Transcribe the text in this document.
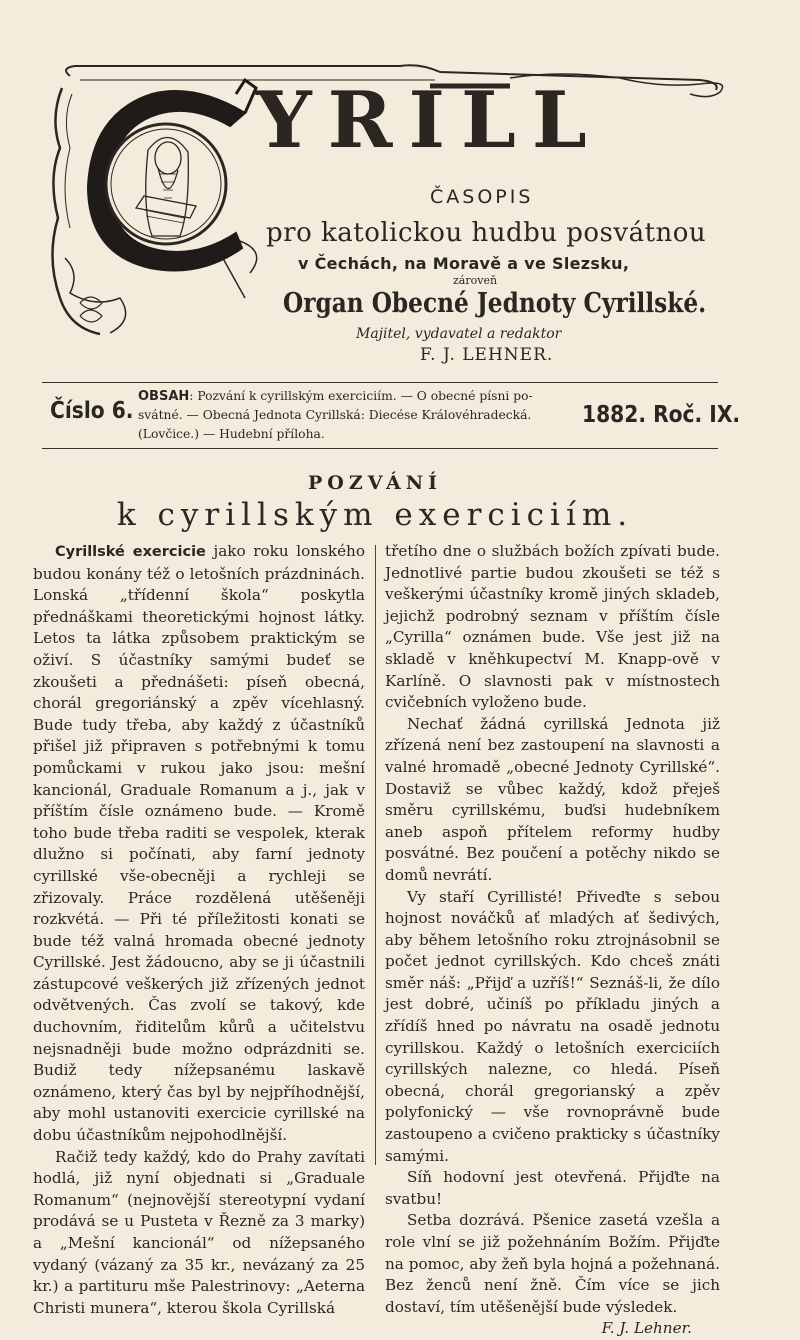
YRILL
ČASOPIS
pro katolickou hudbu posvátnou
v Čechách, na Moravě a ve Slezsku,
zároveň
Organ Obecné Jednoty Cyrillské.
Majitel, vydavatel a redaktor
F. J. LEHNER.
Číslo 6.
OBSAH: Pozvání k cyrillským exerciciím. — O obecné písni po-svátné. — Obecná Jednota Cyrillská: Diecése Královéhradecká. (Lovčice.) — Hudební příloha.
1882. Roč. IX.
POZVÁNÍ
k cyrillským exerciciím.

Cyrillské exercicie jako roku lonského budou konány též o letošních prázdninách. Lonská „třídenní škola“ poskytla přednáškami theoretickými hojnost látky. Letos ta látka způsobem praktickým se oživí. S účastníky samými budeť se zkoušeti a přednášeti: píseň obecná, chorál gregoriánský a zpěv vícehlasný. Bude tudy třeba, aby každý z účastníků přišel již připraven s potřebnými k tomu pomůckami v rukou jako jsou: mešní kancionál, Graduale Romanum a j., jak v příštím čísle oznámeno bude. — Kromě toho bude třeba raditi se vespolek, kterak dlužno si počínati, aby farní jednoty cyrillské vše-obecněji a rychleji se zřizovaly. Práce rozdělená utěšeněji rozkvétá. — Při té příležitosti konati se bude též valná hromada obecné jednoty Cyrillské. Jest žádoucno, aby se ji účastnili zástupcové veškerých již zřízených jednot odvětvených. Čas zvolí se takový, kde duchovním, řiditelům kůrů a učitelstvu nejsnadněji bude možno odprázdniti se. Budiž tedy nížepsanému laskavě oznámeno, který čas byl by nejpříhodnější, aby mohl ustanoviti exercicie cyrillské na dobu účastníkům nejpohodlnější.

Račiž tedy každý, kdo do Prahy zavítati hodlá, již nyní objednati si „Graduale Romanum“ (nejnovější stereotypní vydaní prodává se u Pusteta v Řezně za 3 marky) a „Mešní kancionál“ od nížepsaného vydaný (vázaný za 35 kr., nevázaný za 25 kr.) a partituru mše Palestrinovy: „Aeterna Christi munera“, kterou škola Cyrillská

třetího dne o službách božích zpívati bude. Jednotlivé partie budou zkoušeti se též s veškerými účastníky kromě jiných skladeb, jejichž podrobný seznam v příštím čísle „Cyrilla“ oznámen bude. Vše jest již na skladě v kněhkupectví M. Knapp-ově v Karlíně. O slavnosti pak v místnostech cvičebních vyloženo bude.

Nechať žádná cyrillská Jednota již zřízená není bez zastoupení na slavnosti a valné hromadě „obecné Jednoty Cyrillské“. Dostaviž se vůbec každý, kdož přeješ směru cyrillskému, buďsi hudebníkem aneb aspoň přítelem reformy hudby posvátné. Bez poučení a potěchy nikdo se domů nevrátí.

Vy staří Cyrillisté! Přiveďte s sebou hojnost nováčků ať mladých ať šedivých, aby během letošního roku ztrojnásobnil se počet jednot cyrillských. Kdo chceš znáti směr náš: „Přijď a uzříš!“ Seznáš-li, že dílo jest dobré, učiníš po příkladu jiných a zřídíš hned po návratu na osadě jednotu cyrillskou. Každý o letošních exerciciích cyrillských nalezne, co hledá. Píseň obecná, chorál gregorianský a zpěv polyfonický — vše rovnoprávně bude zastoupeno a cvičeno prakticky s účastníky samými.

Síň hodovní jest otevřená. Přijďte na svatbu!

Setba dozrává. Pšenice zasetá vzešla a role vlní se již požehnáním Božím. Přijďte na pomoc, aby žeň byla hojná a požehnaná. Bez ženců není žně. Čím více se jich dostaví, tím utěšenější bude výsledek.

F. J. Lehner.
